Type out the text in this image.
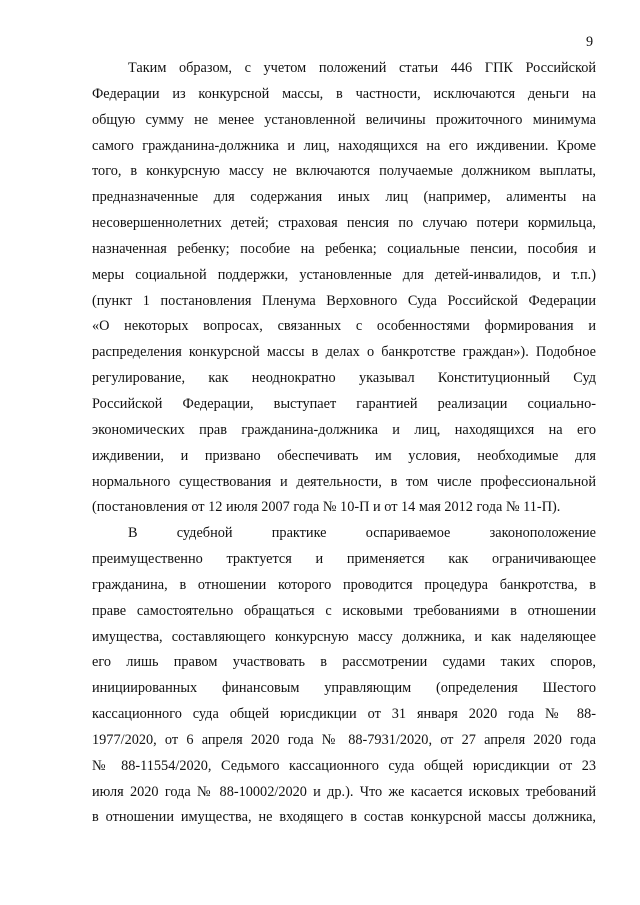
9
Таким образом, с учетом положений статьи 446 ГПК Российской
Федерации из конкурсной массы, в частности, исключаются деньги на
общую сумму не менее установленной величины прожиточного минимума
самого гражданина-должника и лиц, находящихся на его иждивении. Кроме
того, в конкурсную массу не включаются получаемые должником выплаты,
предназначенные для содержания иных лиц (например, алименты на
несовершеннолетних детей; страховая пенсия по случаю потери кормильца,
назначенная ребенку; пособие на ребенка; социальные пенсии, пособия и
меры социальной поддержки, установленные для детей-инвалидов, и т.п.)
(пункт 1 постановления Пленума Верховного Суда Российской Федерации
«О некоторых вопросах, связанных с особенностями формирования и
распределения конкурсной массы в делах о банкротстве граждан»). Подобное
регулирование, как неоднократно указывал Конституционный Суд
Российской Федерации, выступает гарантией реализации социально-
экономических прав гражданина-должника и лиц, находящихся на его
иждивении, и призвано обеспечивать им условия, необходимые для
нормального существования и деятельности, в том числе профессиональной
(постановления от 12 июля 2007 года № 10-П и от 14 мая 2012 года № 11-П).
В судебной практике оспариваемое законоположение
преимущественно трактуется и применяется как ограничивающее
гражданина, в отношении которого проводится процедура банкротства, в
праве самостоятельно обращаться с исковыми требованиями в отношении
имущества, составляющего конкурсную массу должника, и как наделяющее
его лишь правом участвовать в рассмотрении судами таких споров,
инициированных финансовым управляющим (определения Шестого
кассационного суда общей юрисдикции от 31 января 2020 года № 88-
1977/2020, от 6 апреля 2020 года № 88-7931/2020, от 27 апреля 2020 года
№ 88-11554/2020, Седьмого кассационного суда общей юрисдикции от 23
июля 2020 года № 88-10002/2020 и др.). Что же касается исковых требований
в отношении имущества, не входящего в состав конкурсной массы должника,
